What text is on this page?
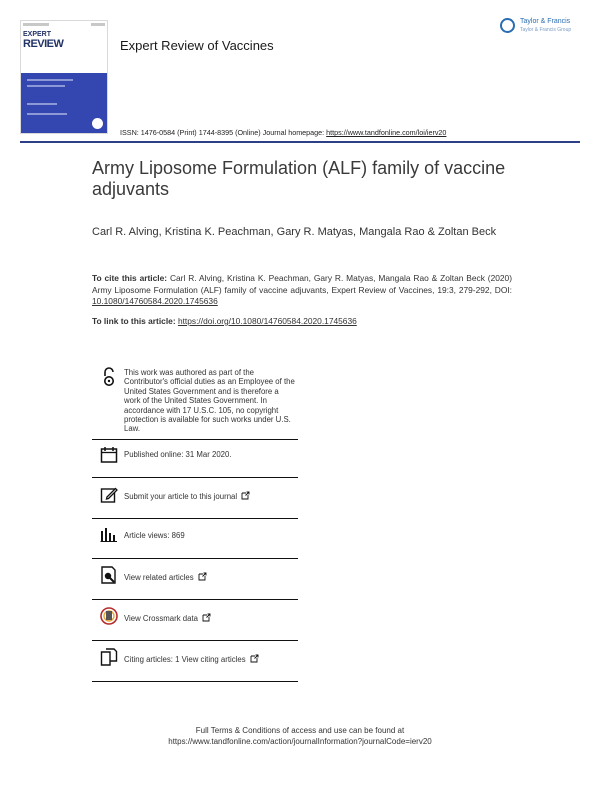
EXPERT
REVIEW
Taylor & Francis
Taylor & Francis Group
Expert Review of Vaccines
ISSN: 1476-0584 (Print) 1744-8395 (Online) Journal homepage: https://www.tandfonline.com/loi/ierv20
Army Liposome Formulation (ALF) family of vaccine adjuvants
Carl R. Alving, Kristina K. Peachman, Gary R. Matyas, Mangala Rao & Zoltan Beck
To cite this article: Carl R. Alving, Kristina K. Peachman, Gary R. Matyas, Mangala Rao & Zoltan Beck (2020) Army Liposome Formulation (ALF) family of vaccine adjuvants, Expert Review of Vaccines, 19:3, 279-292, DOI: 10.1080/14760584.2020.1745636
To link to this article: https://doi.org/10.1080/14760584.2020.1745636
This work was authored as part of the Contributor's official duties as an Employee of the United States Government and is therefore a work of the United States Government. In accordance with 17 U.S.C. 105, no copyright protection is available for such works under U.S. Law.
Published online: 31 Mar 2020.
Submit your article to this journal
Article views: 869
View related articles
View Crossmark data
Citing articles: 1 View citing articles
Full Terms & Conditions of access and use can be found at
https://www.tandfonline.com/action/journalInformation?journalCode=ierv20
